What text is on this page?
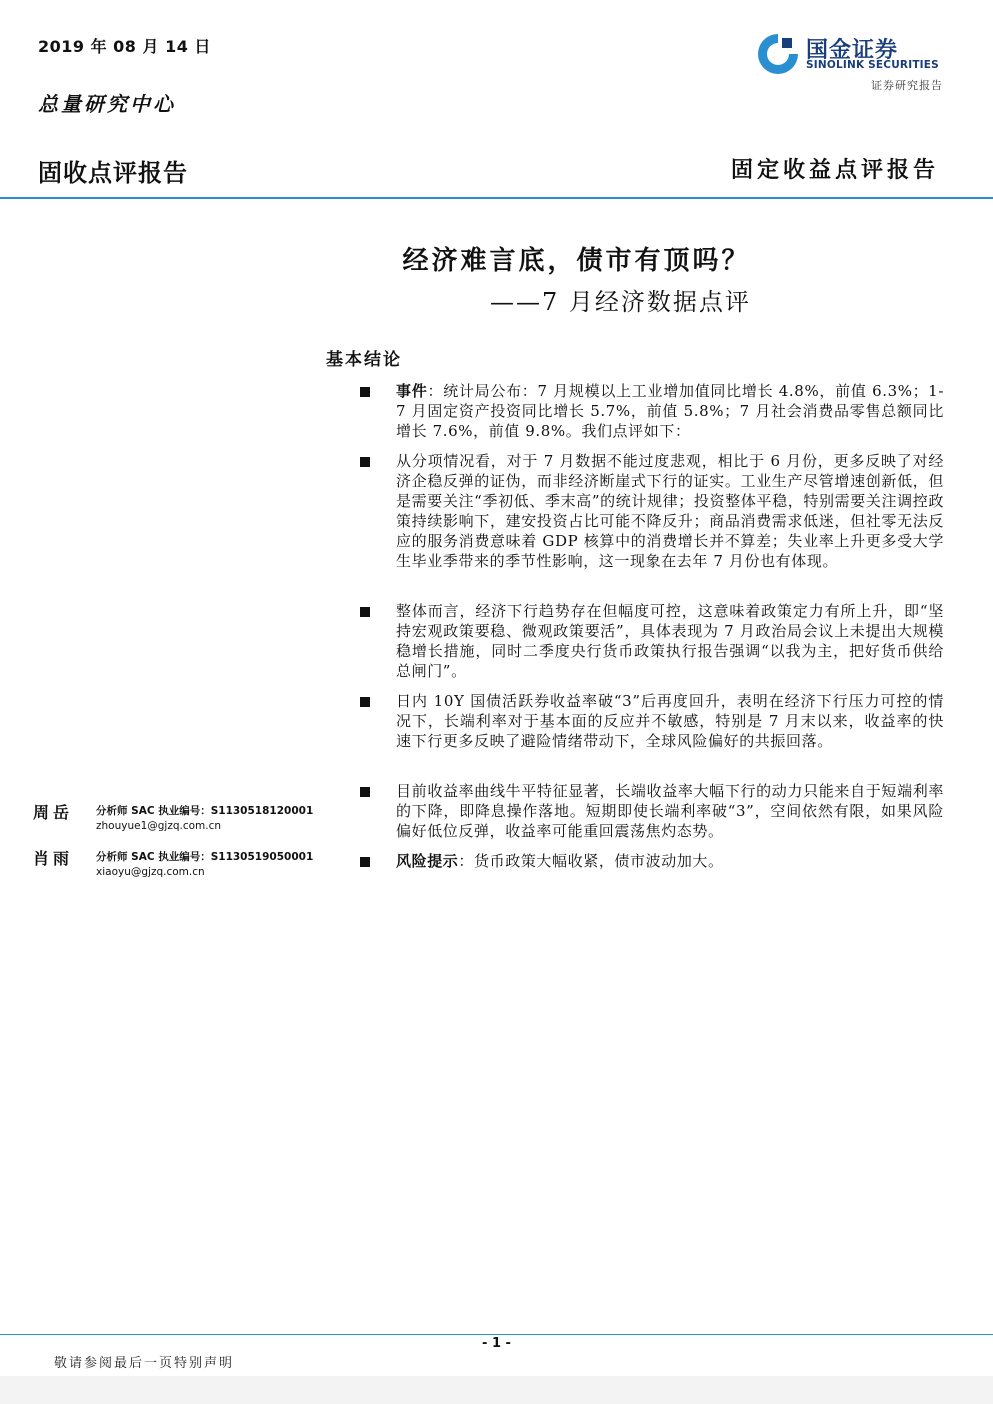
2019 年 08 月 14 日
总量研究中心
国金证券
SINOLINK SECURITIES
证券研究报告
固收点评报告	固定收益点评报告
经济难言底，债市有顶吗？
——7 月经济数据点评
基本结论
事件：统计局公布：7 月规模以上工业增加值同比增长 4.8%，前值 6.3%；1-7 月固定资产投资同比增长 5.7%，前值 5.8%；7 月社会消费品零售总额同比增长 7.6%，前值 9.8%。我们点评如下：
从分项情况看，对于 7 月数据不能过度悲观，相比于 6 月份，更多反映了对经济企稳反弹的证伪，而非经济断崖式下行的证实。工业生产尽管增速创新低，但是需要关注“季初低、季末高”的统计规律；投资整体平稳，特别需要关注调控政策持续影响下，建安投资占比可能不降反升；商品消费需求低迷，但社零无法反应的服务消费意味着 GDP 核算中的消费增长并不算差；失业率上升更多受大学生毕业季带来的季节性影响，这一现象在去年 7 月份也有体现。
整体而言，经济下行趋势存在但幅度可控，这意味着政策定力有所上升，即“坚持宏观政策要稳、微观政策要活”，具体表现为 7 月政治局会议上未提出大规模稳增长措施，同时二季度央行货币政策执行报告强调“以我为主，把好货币供给总闸门”。
日内 10Y 国债活跃券收益率破“3”后再度回升，表明在经济下行压力可控的情况下，长端利率对于基本面的反应并不敏感，特别是 7 月末以来，收益率的快速下行更多反映了避险情绪带动下，全球风险偏好的共振回落。
目前收益率曲线牛平特征显著，长端收益率大幅下行的动力只能来自于短端利率的下降，即降息操作落地。短期即使长端利率破“3”，空间依然有限，如果风险偏好低位反弹，收益率可能重回震荡焦灼态势。
风险提示：货币政策大幅收紧，债市波动加大。
周岳 分析师 SAC 执业编号：S1130518120001
zhouyue1@gjzq.com.cn
肖雨 分析师 SAC 执业编号：S1130519050001
xiaoyu@gjzq.com.cn
- 1 -
敬请参阅最后一页特别声明
